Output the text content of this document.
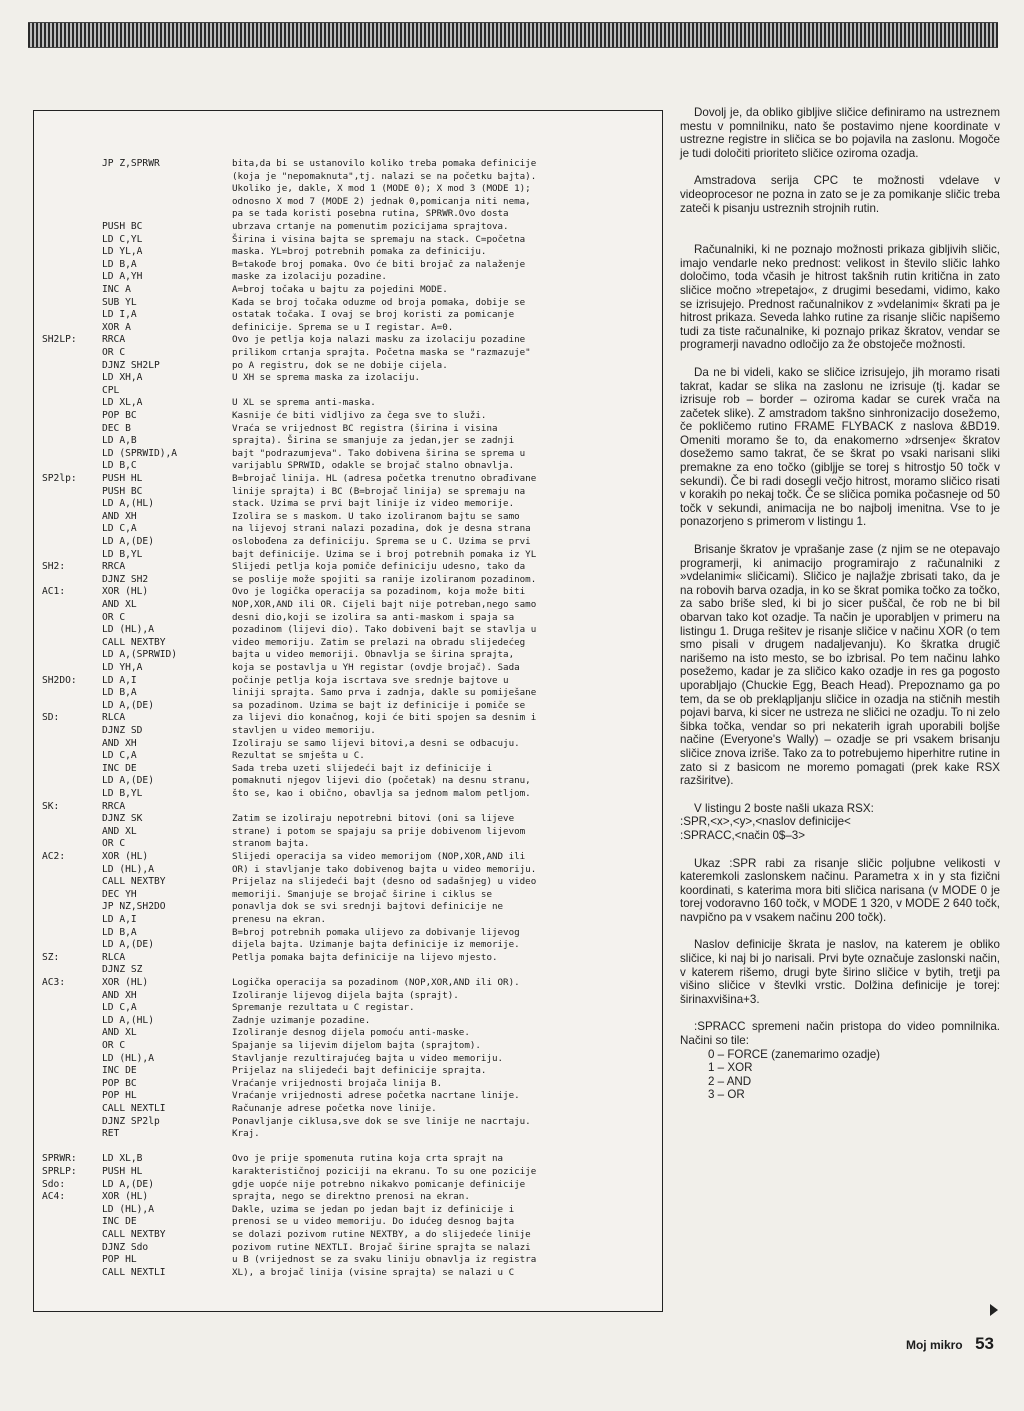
JP Z,SPRWR	bita,da bi se ustanovilo koliko treba pomaka definicije
(koja je "nepomaknuta",tj. nalazi se na početku bajta).
Ukoliko je, dakle, X mod 1 (MODE 0); X mod 3 (MODE 1);
odnosno X mod 7 (MODE 2) jednak 0,pomicanja niti nema,
pa se tada koristi posebna rutina, SPRWR.Ovo dosta
PUSH BC	ubrzava crtanje na pomenutim pozicijama sprajtova.
LD C,YL	Širina i visina bajta se spremaju na stack. C=početna
LD YL,A	maska. YL=broj potrebnih pomaka za definiciju.
LD B,A	B=takođe broj pomaka. Ovo će biti brojač za nalaženje
LD A,YH	maske za izolaciju pozadine.
INC A	A=broj točaka u bajtu za pojedini MODE.
SUB YL	Kada se broj točaka oduzme od broja pomaka, dobije se
LD I,A	ostatak točaka. I ovaj se broj koristi za pomicanje
XOR A	definicije. Sprema se u I registar. A=0.
SH2LP:	RRCA	Ovo je petlja koja nalazi masku za izolaciju pozadine
OR C	prilikom crtanja sprajta. Početna maska se "razmazuje"
DJNZ SH2LP	po A registru, dok se ne dobije cijela.
LD XH,A	U XH se sprema maska za izolaciju.
CPL
LD XL,A	U XL se sprema anti-maska.
POP BC	Kasnije će biti vidljivo za čega sve to služi.
DEC B	Vraća se vrijednost BC registra (širina i visina
LD A,B	sprajta). Širina se smanjuje za jedan,jer se zadnji
LD (SPRWID),A	bajt "podrazumjeva". Tako dobivena širina se sprema u
LD B,C	varijablu SPRWID, odakle se brojač stalno obnavlja.
SP2lp:	PUSH HL	B=brojač linija. HL (adresa početka trenutno obrađivane
PUSH BC	linije sprajta) i BC (B=brojač linija) se spremaju na
LD A,(HL)	stack. Uzima se prvi bajt linije iz video memorije.
AND XH	Izolira se s maskom. U tako izoliranom bajtu se samo
LD C,A	na lijevoj strani nalazi pozadina, dok je desna strana
LD A,(DE)	oslobođena za definiciju. Sprema se u C. Uzima se prvi
LD B,YL	bajt definicije. Uzima se i broj potrebnih pomaka iz YL
SH2:	RRCA	Slijedi petlja koja pomiče definiciju udesno, tako da
DJNZ SH2	se poslije može spojiti sa ranije izoliranom pozadinom.
AC1:	XOR (HL)	Ovo je logička operacija sa pozadinom, koja može biti
AND XL	NOP,XOR,AND ili OR. Cijeli bajt nije potreban,nego samo
OR C	desni dio,koji se izolira sa anti-maskom i spaja sa
LD (HL),A	pozadinom (lijevi dio). Tako dobiveni bajt se stavlja u
CALL NEXTBY	video memoriju. Zatim se prelazi na obradu slijedećeg
LD A,(SPRWID)	bajta u video memoriji. Obnavlja se širina sprajta,
LD YH,A	koja se postavlja u YH registar (ovdje brojač). Sada
SH2DO:	LD A,I	počinje petlja koja iscrtava sve srednje bajtove u
LD B,A	liniji sprajta. Samo prva i zadnja, dakle su pomiješane
LD A,(DE)	sa pozadinom. Uzima se bajt iz definicije i pomiče se
SD:	RLCA	za lijevi dio konačnog, koji će biti spojen sa desnim i
DJNZ SD	stavljen u video memoriju.
AND XH	Izoliraju se samo lijevi bitovi,a desni se odbacuju.
LD C,A	Rezultat se smješta u C.
INC DE	Sada treba uzeti slijedeći bajt iz definicije i
LD A,(DE)	pomaknuti njegov lijevi dio (početak) na desnu stranu,
LD B,YL	što se, kao i obično, obavlja sa jednom malom petljom.
SK:	RRCA
DJNZ SK	Zatim se izoliraju nepotrebni bitovi (oni sa lijeve
AND XL	strane) i potom se spajaju sa prije dobivenom lijevom
OR C	stranom bajta.
AC2:	XOR (HL)	Slijedi operacija sa video memorijom (NOP,XOR,AND ili
LD (HL),A	OR) i stavljanje tako dobivenog bajta u video memoriju.
CALL NEXTBY	Prijelaz na slijedeći bajt (desno od sadašnjeg) u video
DEC YH	memoriji. Smanjuje se brojač širine i ciklus se
JP NZ,SH2DO	ponavlja dok se svi srednji bajtovi definicije ne
LD A,I	prenesu na ekran.
LD B,A	B=broj potrebnih pomaka ulijevo za dobivanje lijevog
LD A,(DE)	dijela bajta. Uzimanje bajta definicije iz memorije.
SZ:	RLCA	Petlja pomaka bajta definicije na lijevo mjesto.
DJNZ SZ
AC3:	XOR (HL)	Logička operacija sa pozadinom (NOP,XOR,AND ili OR).
AND XH	Izoliranje lijevog dijela bajta (sprajt).
LD C,A	Spremanje rezultata u C registar.
LD A,(HL)	Zadnje uzimanje pozadine.
AND XL	Izoliranje desnog dijela pomoću anti-maske.
OR C	Spajanje sa lijevim dijelom bajta (sprajtom).
LD (HL),A	Stavljanje rezultirajućeg bajta u video memoriju.
INC DE	Prijelaz na slijedeći bajt definicije sprajta.
POP BC	Vraćanje vrijednosti brojača linija B.
POP HL	Vraćanje vrijednosti adrese početka nacrtane linije.
CALL NEXTLI	Računanje adrese početka nove linije.
DJNZ SP2lp	Ponavljanje ciklusa,sve dok se sve linije ne nacrtaju.
RET	Kraj.
SPRWR:	LD XL,B	Ovo je prije spomenuta rutina koja crta sprajt na
SPRLP:	PUSH HL	karakterističnoj poziciji na ekranu. To su one pozicije
Sdo:	LD A,(DE)	gdje uopće nije potrebno nikakvo pomicanje definicije
AC4:	XOR (HL)	sprajta, nego se direktno prenosi na ekran.
LD (HL),A	Dakle, uzima se jedan po jedan bajt iz definicije i
INC DE	prenosi se u video memoriju. Do idućeg desnog bajta
CALL NEXTBY	se dolazi pozivom rutine NEXTBY, a do slijedeće linije
DJNZ Sdo	pozivom rutine NEXTLI. Brojač širine sprajta se nalazi
POP HL	u B (vrijednost se za svaku liniju obnavlja iz registra
CALL NEXTLI	XL), a brojač linija (visine sprajta) se nalazi u C

Dovolj je, da obliko gibljive sličice definiramo na ustreznem mestu v pomnilniku, nato še postavimo njene koordinate v ustrezne registre in sličica se bo pojavila na zaslonu. Mogoče je tudi določiti prioriteto sličice oziroma ozadja.

Amstradova serija CPC te možnosti vdelave v videoprocesor ne pozna in zato se je za pomikanje sličic treba zateči k pisanju ustreznih strojnih rutin.

Računalniki, ki ne poznajo možnosti prikaza gibljivih sličic, imajo vendarle neko prednost: velikost in število sličic lahko določimo, toda včasih je hitrost takšnih rutin kritična in zato sličice močno »trepetajo«, z drugimi besedami, vidimo, kako se izrisujejo. Prednost računalnikov z »vdelanimi« škrati pa je hitrost prikaza. Seveda lahko rutine za risanje sličic napišemo tudi za tiste računalnike, ki poznajo prikaz škratov, vendar se programerji navadno odločijo za že obstoječe možnosti.

Da ne bi videli, kako se sličice izrisujejo, jih moramo risati takrat, kadar se slika na zaslonu ne izrisuje (tj. kadar se izrisuje rob – border – oziroma kadar se curek vrača na začetek slike). Z amstradom takšno sinhronizacijo dosežemo, če pokličemo rutino FRAME FLYBACK z naslova &BD19. Omeniti moramo še to, da enakomerno »drsenje« škratov dosežemo samo takrat, če se škrat po vsaki narisani sliki premakne za eno točko (gibljje se torej s hitrostjo 50 točk v sekundi). Če bi radi dosegli večjo hitrost, moramo sličico risati v korakih po nekaj točk. Če se sličica pomika počasneje od 50 točk v sekundi, animacija ne bo najbolj imenitna. Vse to je ponazorjeno s primerom v listingu 1.

Brisanje škratov je vprašanje zase (z njim se ne otepavajo programerji, ki animacijo programirajo z računalniki z »vdelanimi« sličicami). Sličico je najlažje zbrisati tako, da je na robovih barva ozadja, in ko se škrat pomika točko za točko, za sabo briše sled, ki bi jo sicer puščal, če rob ne bi bil obarvan tako kot ozadje. Ta način je uporabljen v primeru na listingu 1. Druga rešitev je risanje sličice v načinu XOR (o tem smo pisali v drugem nadaljevanju). Ko škratka drugič narišemo na isto mesto, se bo izbrisal. Po tem načinu lahko posežemo, kadar je za sličico kako ozadje in res ga pogosto uporabljajo (Chuckie Egg, Beach Head). Prepoznamo ga po tem, da se ob prekląpljanju sličice in ozadja na stičnih mestih pojavi barva, ki sicer ne ustreza ne sličici ne ozadju. To ni zelo šibka točka, vendar so pri nekaterih igrah uporabili boljše načine (Everyone's Wally) – ozadje se pri vsakem brisanju sličice znova izriše. Tako za to potrebujemo hiperhitre rutine in zato si z basicom ne moremo pomagati (prek kake RSX razširitve).

V listingu 2 boste našli ukaza RSX:

:SPR,<x>,<y>,<naslov definicije<

:SPRACC,<način 0$–3>

Ukaz :SPR rabi za risanje sličic poljubne velikosti v kateremkoli zaslonskem načinu. Parametra x in y sta fizični koordinati, s katerima mora biti sličica narisana (v MODE 0 je torej vodoravno 160 točk, v MODE 1 320, v MODE 2 640 točk, navpično pa v vsakem načinu 200 točk).

Naslov definicije škrata je naslov, na katerem je obliko sličice, ki naj bi jo narisali. Prvi byte označuje zaslonski način, v katerem rišemo, drugi byte širino sličice v bytih, tretji pa višino sličice v števlki vrstic. Dolžina definicije je torej: širinaxvišina+3.

:SPRACC spremeni način pristopa do video pomnilnika. Načini so tile:

0 – FORCE (zanemarimo ozadje)

1 – XOR

2 – AND

3 – OR

Moj mikro 53
